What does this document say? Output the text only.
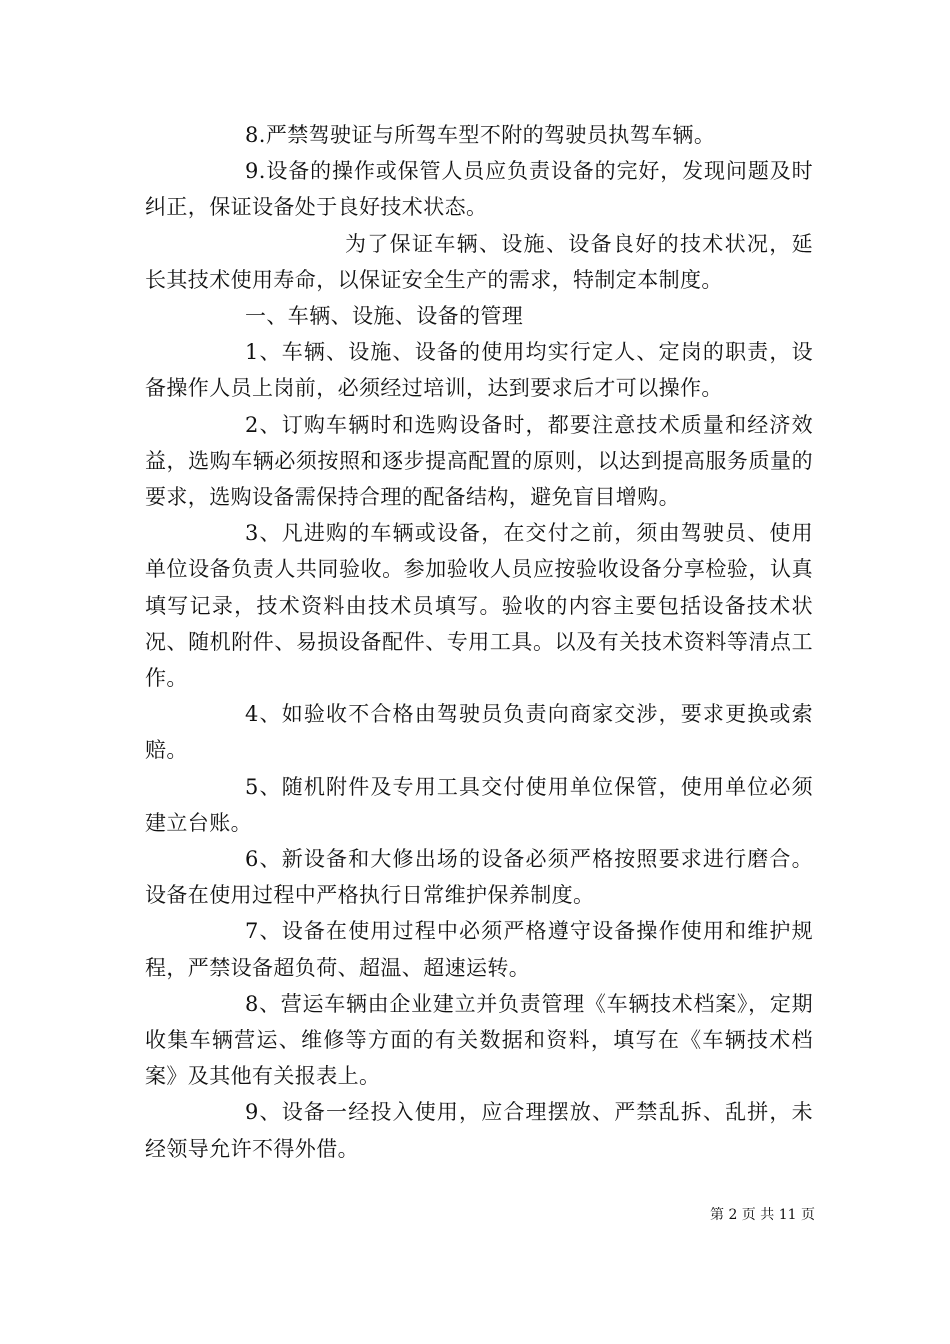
8.严禁驾驶证与所驾车型不附的驾驶员执驾车辆。

9.设备的操作或保管人员应负责设备的完好，发现问题及时纠正，保证设备处于良好技术状态。

为了保证车辆、设施、设备良好的技术状况，延长其技术使用寿命，以保证安全生产的需求，特制定本制度。

一、车辆、设施、设备的管理

1、车辆、设施、设备的使用均实行定人、定岗的职责，设备操作人员上岗前，必须经过培训，达到要求后才可以操作。

2、订购车辆时和选购设备时，都要注意技术质量和经济效益，选购车辆必须按照和逐步提高配置的原则，以达到提高服务质量的要求，选购设备需保持合理的配备结构，避免盲目增购。

3、凡进购的车辆或设备，在交付之前，须由驾驶员、使用单位设备负责人共同验收。参加验收人员应按验收设备分享检验，认真填写记录，技术资料由技术员填写。验收的内容主要包括设备技术状况、随机附件、易损设备配件、专用工具。以及有关技术资料等清点工作。

4、如验收不合格由驾驶员负责向商家交涉，要求更换或索赔。

5、随机附件及专用工具交付使用单位保管，使用单位必须建立台账。

6、新设备和大修出场的设备必须严格按照要求进行磨合。设备在使用过程中严格执行日常维护保养制度。

7、设备在使用过程中必须严格遵守设备操作使用和维护规程，严禁设备超负荷、超温、超速运转。

8、营运车辆由企业建立并负责管理《车辆技术档案》，定期收集车辆营运、维修等方面的有关数据和资料，填写在《车辆技术档案》及其他有关报表上。

9、设备一经投入使用，应合理摆放、严禁乱拆、乱拼，未经领导允许不得外借。

第 2 页 共 11 页
